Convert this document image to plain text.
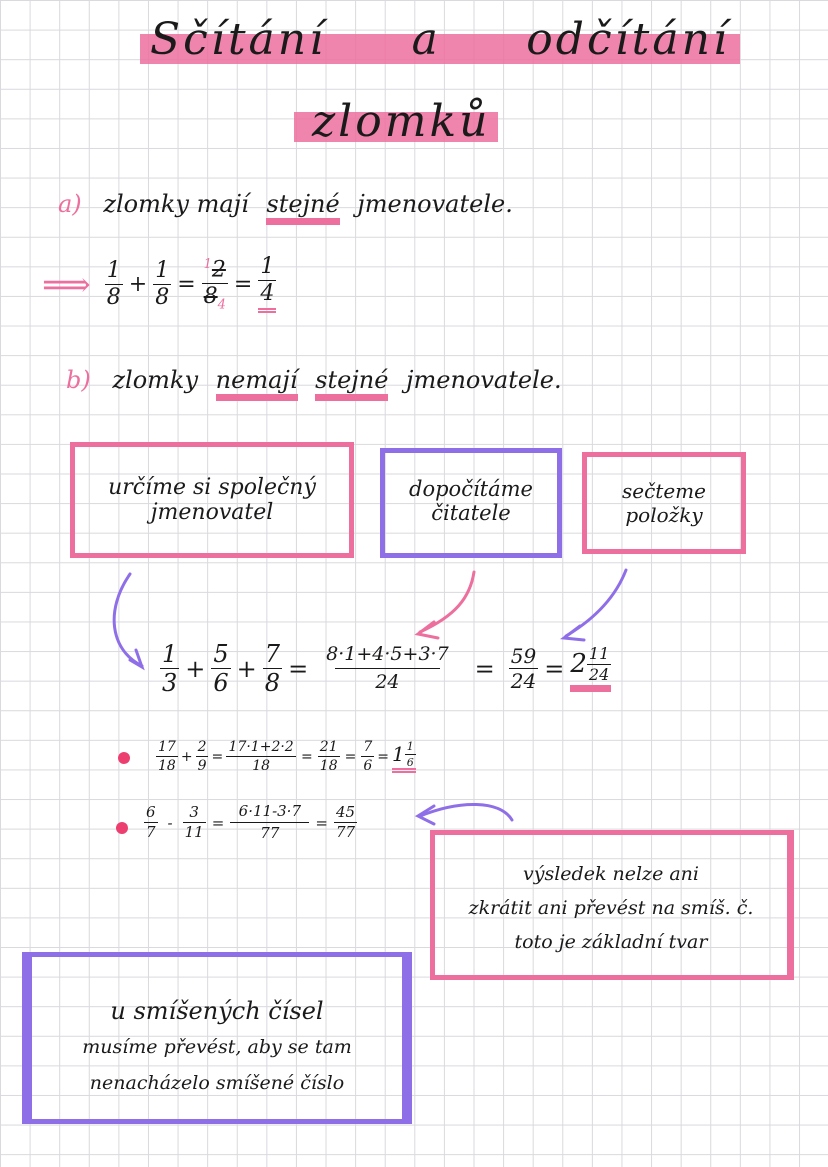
Sčítání a odčítání
zlomků
a) zlomky mají stejné jmenovatele.
⟹ $\frac{1}{8} + \frac{1}{8} = \frac{^12}{8_4} = \frac{1}{4}$
b) zlomky nemají stejné jmenovatele.
určíme si společný
jmenovatel
dopočítáme
čitatele
sečteme
položky
$\frac{1}{3} + \frac{5}{6} + \frac{7}{8} = \frac{8\cdot 1+4\cdot 5+3\cdot 7}{24} = \frac{59}{24} = 2 \frac{11}{24}$
$\frac{17}{18} + \frac{2}{9} = \frac{17\cdot 1+2\cdot 2}{18} = \frac{21}{18} = \frac{7}{6} = 1 \frac{1}{6}$
$\frac{6}{7} - \frac{3}{11} = \frac{6\cdot 11-3\cdot 7}{77} = \frac{45}{77}$
výsledek nelze ani
zkrátit ani převést na smíš. č.
toto je základní tvar
u smíšených čísel
musíme převést, aby se tam
nenacházelo smíšené číslo
